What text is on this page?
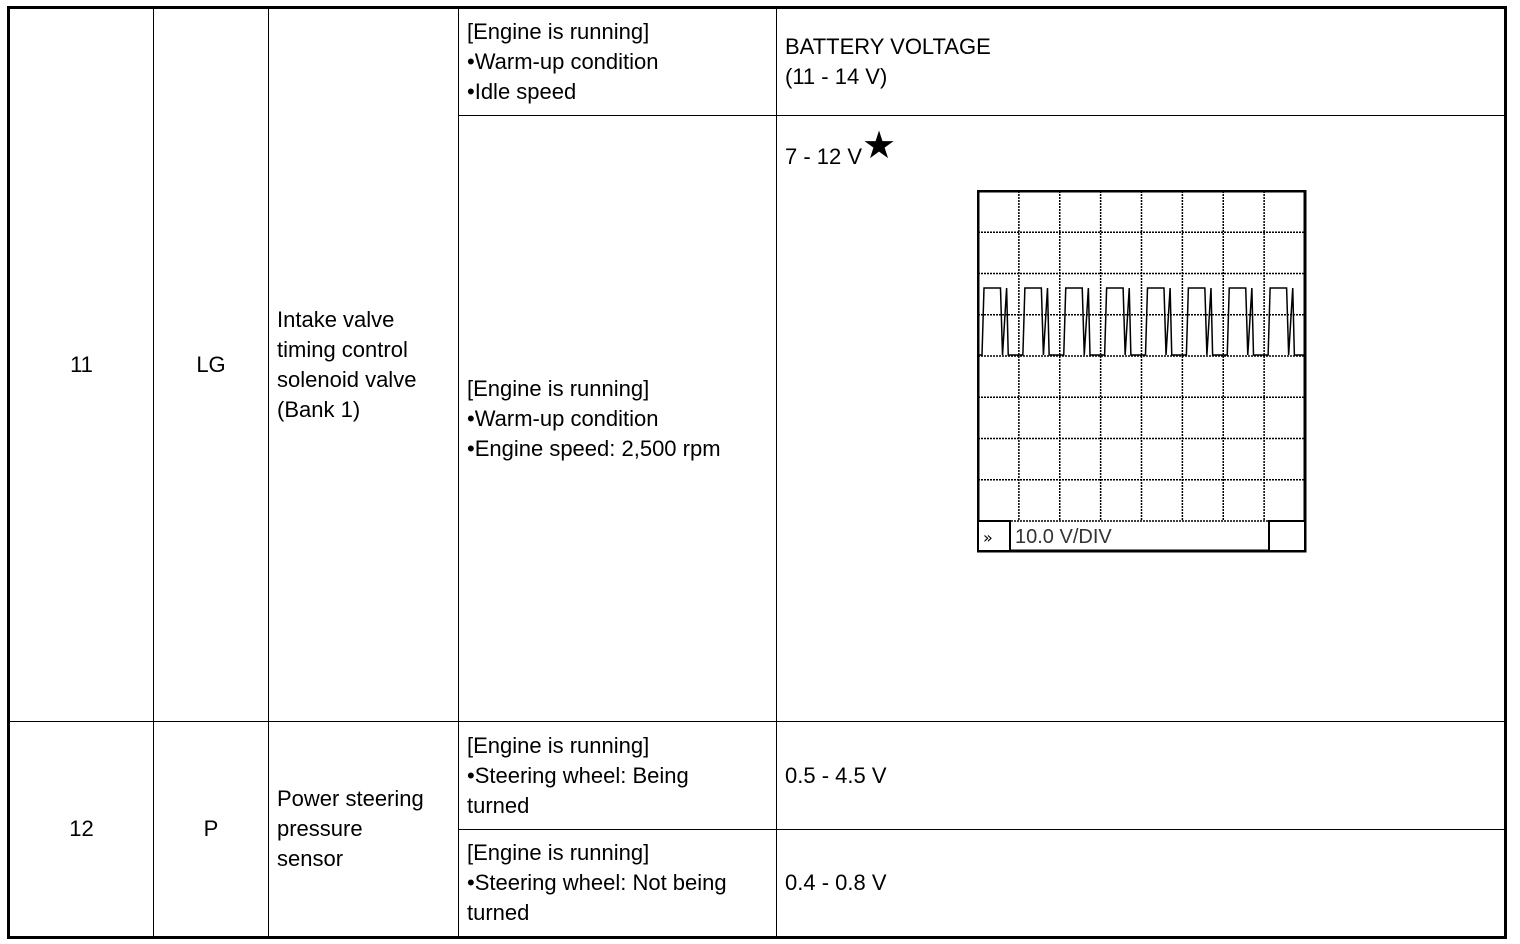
11	LG	Intake valve
timing control
solenoid valve
(Bank 1)	[Engine is running]
•Warm-up condition
•Idle speed	BATTERY VOLTAGE
(11 - 14 V)

			[Engine is running]
•Warm-up condition
•Engine speed: 2,500 rpm	7 - 12 V★
» 10.0 V/DIV

12	P	Power steering
pressure
sensor	[Engine is running]
•Steering wheel: Being
turned	0.5 - 4.5 V

			[Engine is running]
•Steering wheel: Not being
turned	0.4 - 0.8 V
